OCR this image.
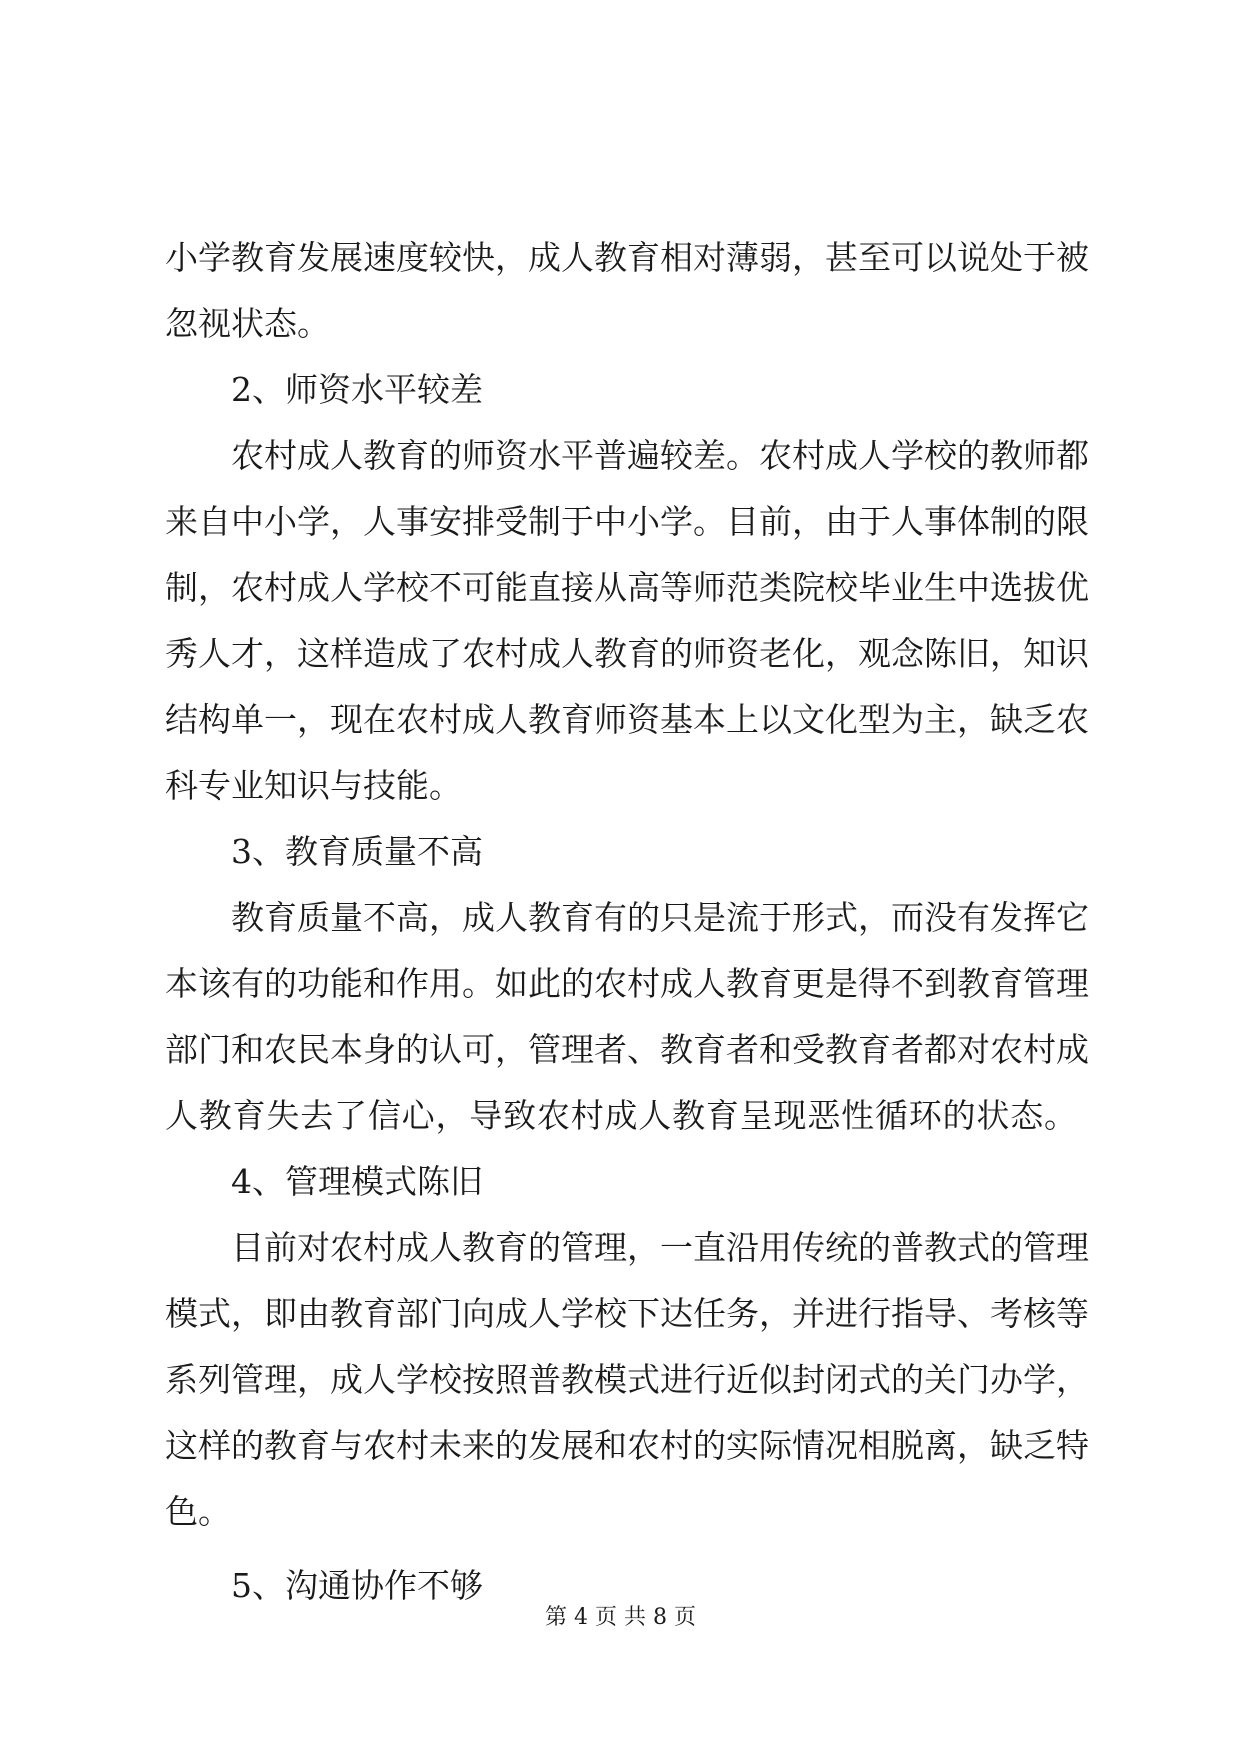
小学教育发展速度较快，成人教育相对薄弱，甚至可以说处于被
忽视状态。
2、师资水平较差
农村成人教育的师资水平普遍较差。农村成人学校的教师都
来自中小学，人事安排受制于中小学。目前，由于人事体制的限
制，农村成人学校不可能直接从高等师范类院校毕业生中选拔优
秀人才，这样造成了农村成人教育的师资老化，观念陈旧，知识
结构单一，现在农村成人教育师资基本上以文化型为主，缺乏农
科专业知识与技能。
3、教育质量不高
教育质量不高，成人教育有的只是流于形式，而没有发挥它
本该有的功能和作用。如此的农村成人教育更是得不到教育管理
部门和农民本身的认可，管理者、教育者和受教育者都对农村成
人教育失去了信心，导致农村成人教育呈现恶性循环的状态。
4、管理模式陈旧
目前对农村成人教育的管理，一直沿用传统的普教式的管理
模式，即由教育部门向成人学校下达任务，并进行指导、考核等
系列管理，成人学校按照普教模式进行近似封闭式的关门办学，
这样的教育与农村未来的发展和农村的实际情况相脱离，缺乏特
色。
5、沟通协作不够
第 4 页 共 8 页
